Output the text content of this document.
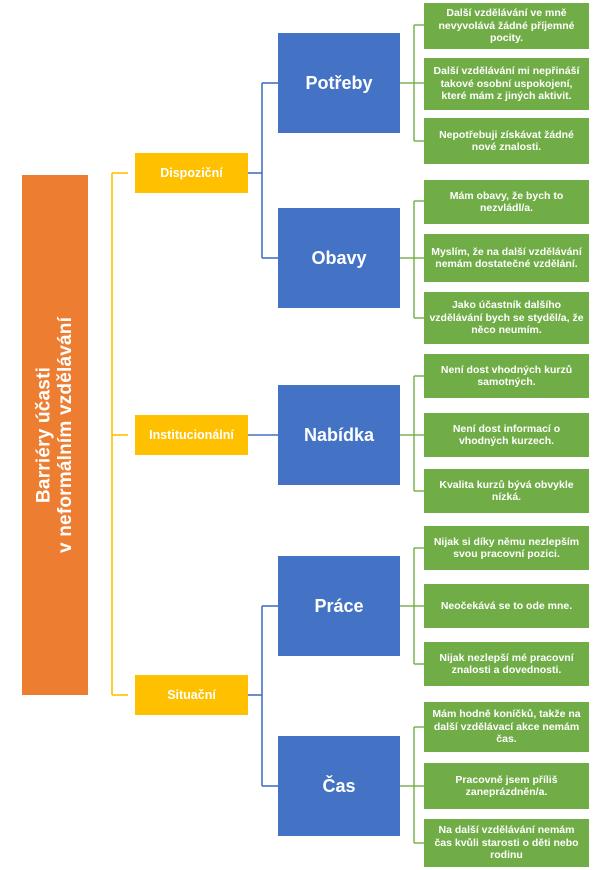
Barriéry účasti v neformálním vzdělávání
Dispoziční
Institucionální
Situační
Potřeby
Obavy
Nabídka
Práce
Čas
Další vzdělávání ve mně nevyvolává žádné příjemné pocity.
Další vzdělávání mi nepřináší takové osobní uspokojení, které mám z jiných aktivit.
Nepotřebuji získávat žádné nové znalosti.
Mám obavy, že bych to nezvládl/a.
Myslím, že na další vzdělávání nemám dostatečné vzdělání.
Jako účastník dalšího vzdělávání bych se styděl/a, že něco neumím.
Není dost vhodných kurzů samotných.
Není dost informací o vhodných kurzech.
Kvalita kurzů bývá obvykle nízká.
Nijak si díky němu nezlepším svou pracovní pozici.
Neočekává se to ode mne.
Nijak nezlepší mé pracovní znalosti a dovednosti.
Mám hodně koníčků, takže na další vzdělávací akce nemám čas.
Pracovně jsem příliš zaneprázdněn/a.
Na další vzdělávání nemám čas kvůli starosti o děti nebo rodinu
